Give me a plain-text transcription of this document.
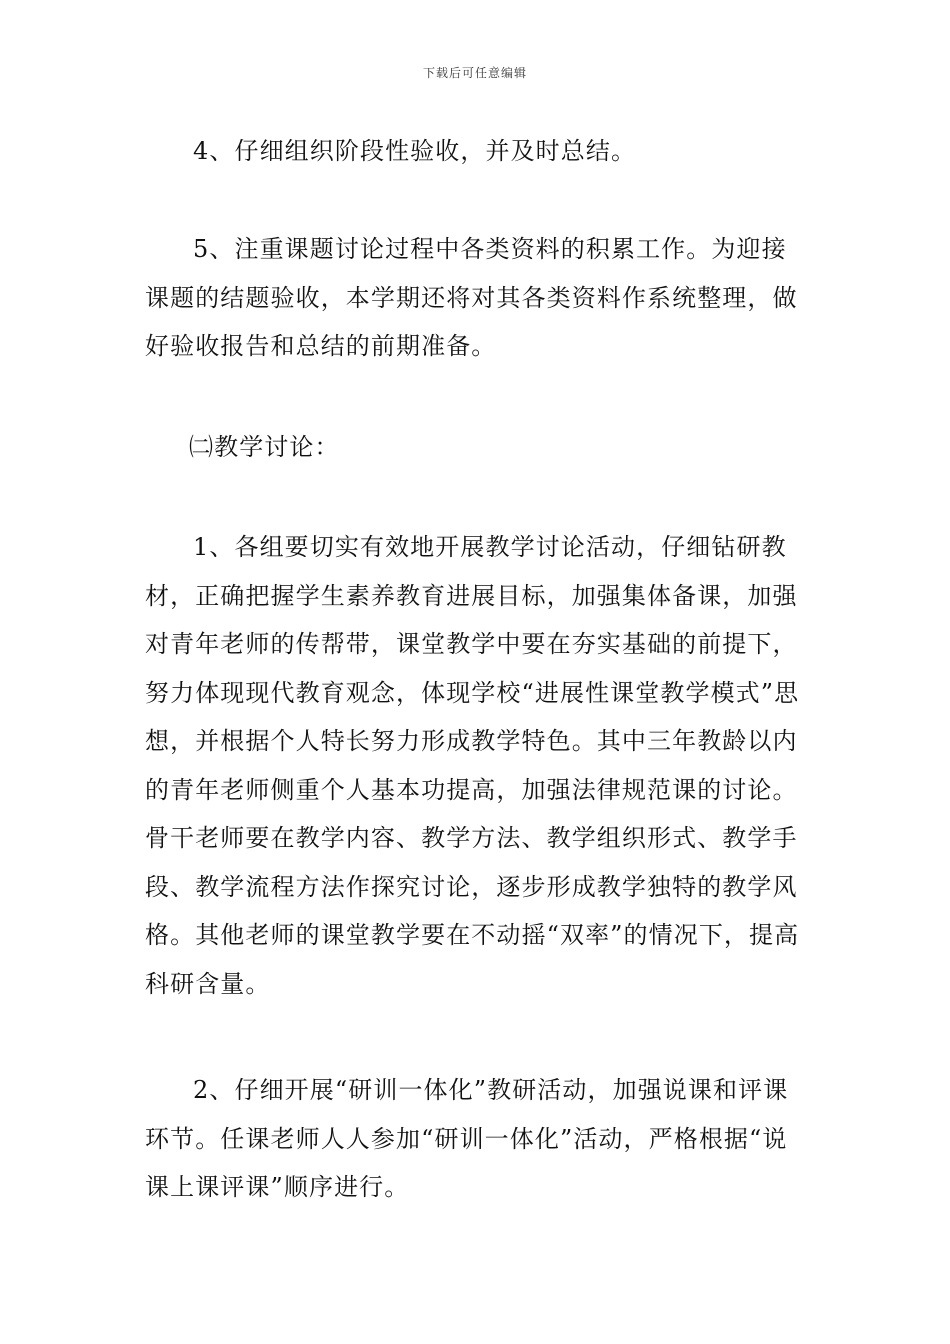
下载后可任意编辑

4、仔细组织阶段性验收，并及时总结。

5、注重课题讨论过程中各类资料的积累工作。为迎接课题的结题验收，本学期还将对其各类资料作系统整理，做好验收报告和总结的前期准备。

㈡教学讨论：

1、各组要切实有效地开展教学讨论活动，仔细钻研教材，正确把握学生素养教育进展目标，加强集体备课，加强对青年老师的传帮带，课堂教学中要在夯实基础的前提下，努力体现现代教育观念，体现学校“进展性课堂教学模式”思想，并根据个人特长努力形成教学特色。其中三年教龄以内的青年老师侧重个人基本功提高，加强法律规范课的讨论。骨干老师要在教学内容、教学方法、教学组织形式、教学手段、教学流程方法作探究讨论，逐步形成教学独特的教学风格。其他老师的课堂教学要在不动摇“双率”的情况下，提高科研含量。

2、仔细开展“研训一体化”教研活动，加强说课和评课环节。任课老师人人参加“研训一体化”活动，严格根据“说课上课评课”顺序进行。
